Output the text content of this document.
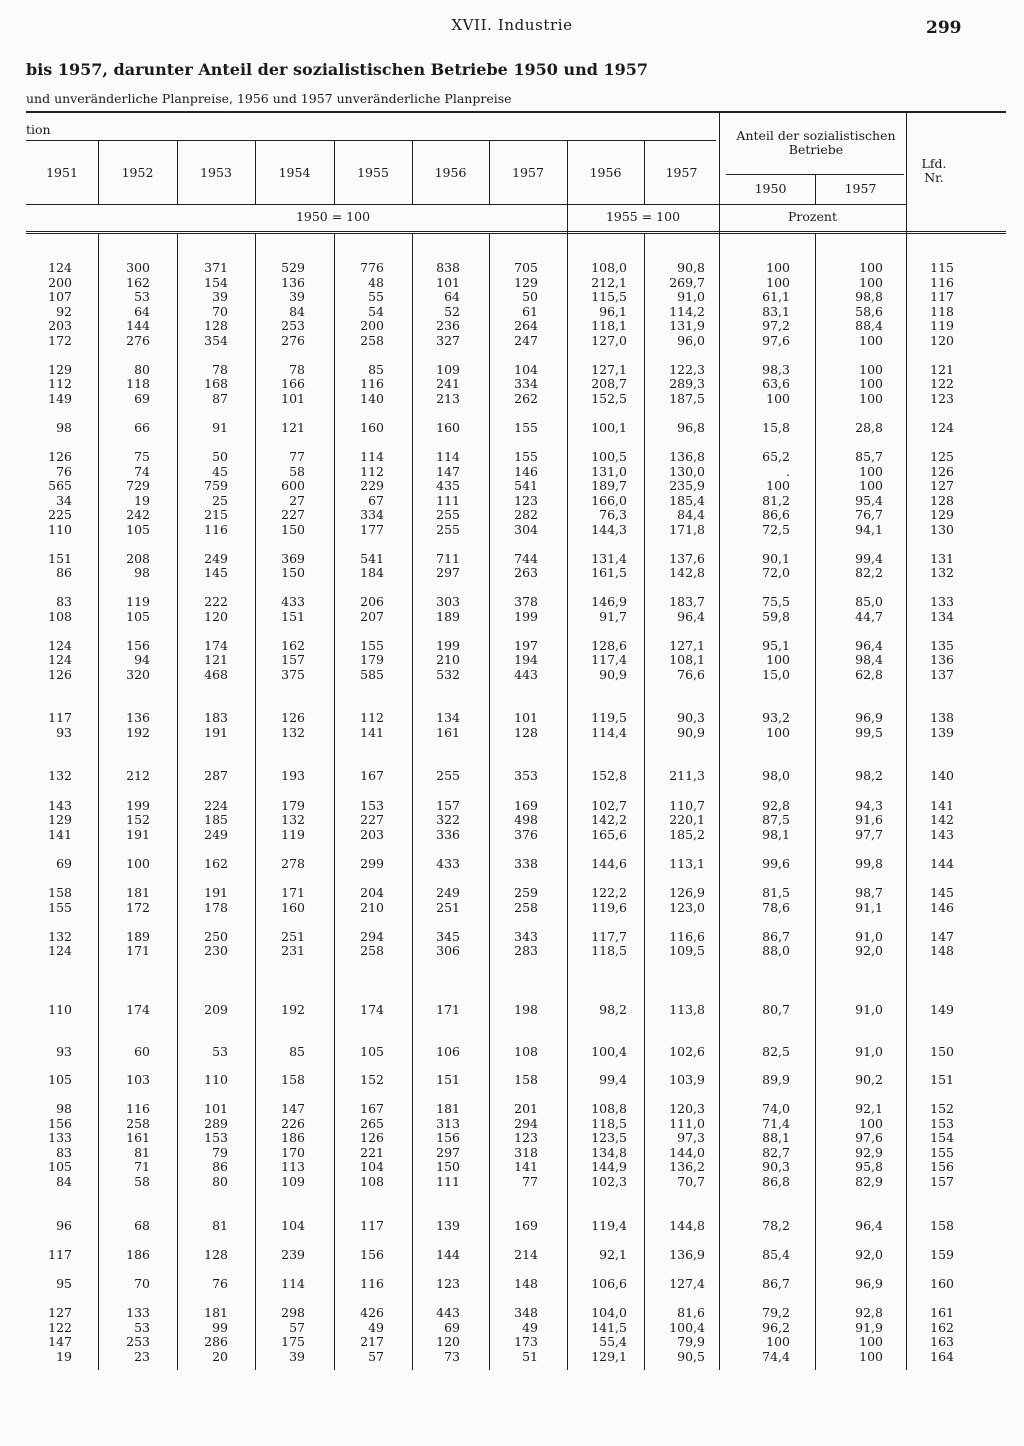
XVII. Industrie	299
bis 1957, darunter Anteil der sozialistischen Betriebe 1950 und 1957
und unveränderliche Planpreise, 1956 und 1957 unveränderliche Planpreise
tion
1951	1952	1953	1954	1955	1956	1957	1956	1957
Anteil der sozialistischen Betriebe
1950	1957
Lfd. Nr.
1950 = 100	1955 = 100	Prozent
124	300	371	529	776	838	705	108,0	90,8	100	100	115
200	162	154	136	48	101	129	212,1	269,7	100	100	116
107	53	39	39	55	64	50	115,5	91,0	61,1	98,8	117
92	64	70	84	54	52	61	96,1	114,2	83,1	58,6	118
203	144	128	253	200	236	264	118,1	131,9	97,2	88,4	119
172	276	354	276	258	327	247	127,0	96,0	97,6	100	120
129	80	78	78	85	109	104	127,1	122,3	98,3	100	121
112	118	168	166	116	241	334	208,7	289,3	63,6	100	122
149	69	87	101	140	213	262	152,5	187,5	100	100	123
98	66	91	121	160	160	155	100,1	96,8	15,8	28,8	124
126	75	50	77	114	114	155	100,5	136,8	65,2	85,7	125
76	74	45	58	112	147	146	131,0	130,0	.	100	126
565	729	759	600	229	435	541	189,7	235,9	100	100	127
34	19	25	27	67	111	123	166,0	185,4	81,2	95,4	128
225	242	215	227	334	255	282	76,3	84,4	86,6	76,7	129
110	105	116	150	177	255	304	144,3	171,8	72,5	94,1	130
151	208	249	369	541	711	744	131,4	137,6	90,1	99,4	131
86	98	145	150	184	297	263	161,5	142,8	72,0	82,2	132
83	119	222	433	206	303	378	146,9	183,7	75,5	85,0	133
108	105	120	151	207	189	199	91,7	96,4	59,8	44,7	134
124	156	174	162	155	199	197	128,6	127,1	95,1	96,4	135
124	94	121	157	179	210	194	117,4	108,1	100	98,4	136
126	320	468	375	585	532	443	90,9	76,6	15,0	62,8	137
117	136	183	126	112	134	101	119,5	90,3	93,2	96,9	138
93	192	191	132	141	161	128	114,4	90,9	100	99,5	139
132	212	287	193	167	255	353	152,8	211,3	98,0	98,2	140
143	199	224	179	153	157	169	102,7	110,7	92,8	94,3	141
129	152	185	132	227	322	498	142,2	220,1	87,5	91,6	142
141	191	249	119	203	336	376	165,6	185,2	98,1	97,7	143
69	100	162	278	299	433	338	144,6	113,1	99,6	99,8	144
158	181	191	171	204	249	259	122,2	126,9	81,5	98,7	145
155	172	178	160	210	251	258	119,6	123,0	78,6	91,1	146
132	189	250	251	294	345	343	117,7	116,6	86,7	91,0	147
124	171	230	231	258	306	283	118,5	109,5	88,0	92,0	148
110	174	209	192	174	171	198	98,2	113,8	80,7	91,0	149
93	60	53	85	105	106	108	100,4	102,6	82,5	91,0	150
105	103	110	158	152	151	158	99,4	103,9	89,9	90,2	151
98	116	101	147	167	181	201	108,8	120,3	74,0	92,1	152
156	258	289	226	265	313	294	118,5	111,0	71,4	100	153
133	161	153	186	126	156	123	123,5	97,3	88,1	97,6	154
83	81	79	170	221	297	318	134,8	144,0	82,7	92,9	155
105	71	86	113	104	150	141	144,9	136,2	90,3	95,8	156
84	58	80	109	108	111	77	102,3	70,7	86,8	82,9	157
96	68	81	104	117	139	169	119,4	144,8	78,2	96,4	158
117	186	128	239	156	144	214	92,1	136,9	85,4	92,0	159
95	70	76	114	116	123	148	106,6	127,4	86,7	96,9	160
127	133	181	298	426	443	348	104,0	81,6	79,2	92,8	161
122	53	99	57	49	69	49	141,5	100,4	96,2	91,9	162
147	253	286	175	217	120	173	55,4	79,9	100	100	163
19	23	20	39	57	73	51	129,1	90,5	74,4	100	164
